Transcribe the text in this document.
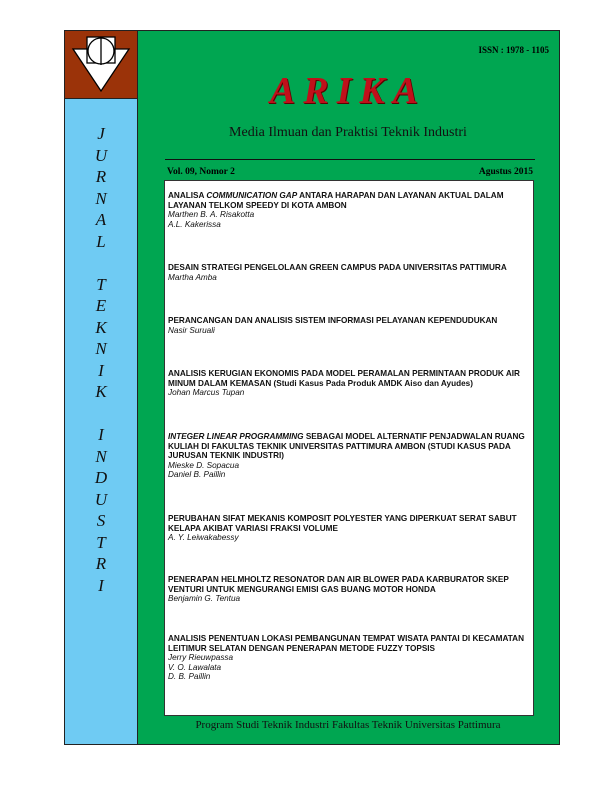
J
U
R
N
A
L

T
E
K
N
I
K

I
N
D
U
S
T
R
I
ISSN : 1978 - 1105
ARIKA
Media Ilmuan dan Praktisi Teknik Industri
Vol. 09, Nomor 2	Agustus 2015
ANALISA COMMUNICATION GAP ANTARA HARAPAN DAN LAYANAN AKTUAL DALAM LAYANAN TELKOM SPEEDY DI KOTA AMBON
Marthen B. A. Risakotta
A.L. Kakerissa
DESAIN STRATEGI PENGELOLAAN GREEN CAMPUS PADA UNIVERSITAS PATTIMURA
Martha Amba
PERANCANGAN DAN ANALISIS SISTEM INFORMASI PELAYANAN KEPENDUDUKAN
Nasir Suruali
ANALISIS KERUGIAN EKONOMIS PADA MODEL PERAMALAN PERMINTAAN PRODUK AIR MINUM DALAM KEMASAN (Studi Kasus Pada Produk AMDK Aiso dan Ayudes)
Johan Marcus Tupan
INTEGER LINEAR PROGRAMMING SEBAGAI MODEL ALTERNATIF PENJADWALAN RUANG KULIAH DI FAKULTAS TEKNIK UNIVERSITAS PATTIMURA AMBON (STUDI KASUS PADA JURUSAN TEKNIK INDUSTRI)
Mieske D. Sopacua
Daniel B. Paillin
PERUBAHAN SIFAT MEKANIS KOMPOSIT POLYESTER YANG DIPERKUAT SERAT SABUT KELAPA AKIBAT VARIASI FRAKSI VOLUME
A. Y. Leiwakabessy
PENERAPAN HELMHOLTZ RESONATOR DAN AIR BLOWER PADA KARBURATOR SKEP VENTURI UNTUK MENGURANGI EMISI GAS BUANG MOTOR HONDA
Benjamin G. Tentua
ANALISIS PENENTUAN LOKASI PEMBANGUNAN TEMPAT WISATA PANTAI DI KECAMATAN LEITIMUR SELATAN DENGAN PENERAPAN METODE FUZZY TOPSIS
Jerry Rieuwpassa
V. O. Lawalata
D. B. Paillin
Program Studi Teknik Industri Fakultas Teknik Universitas Pattimura
